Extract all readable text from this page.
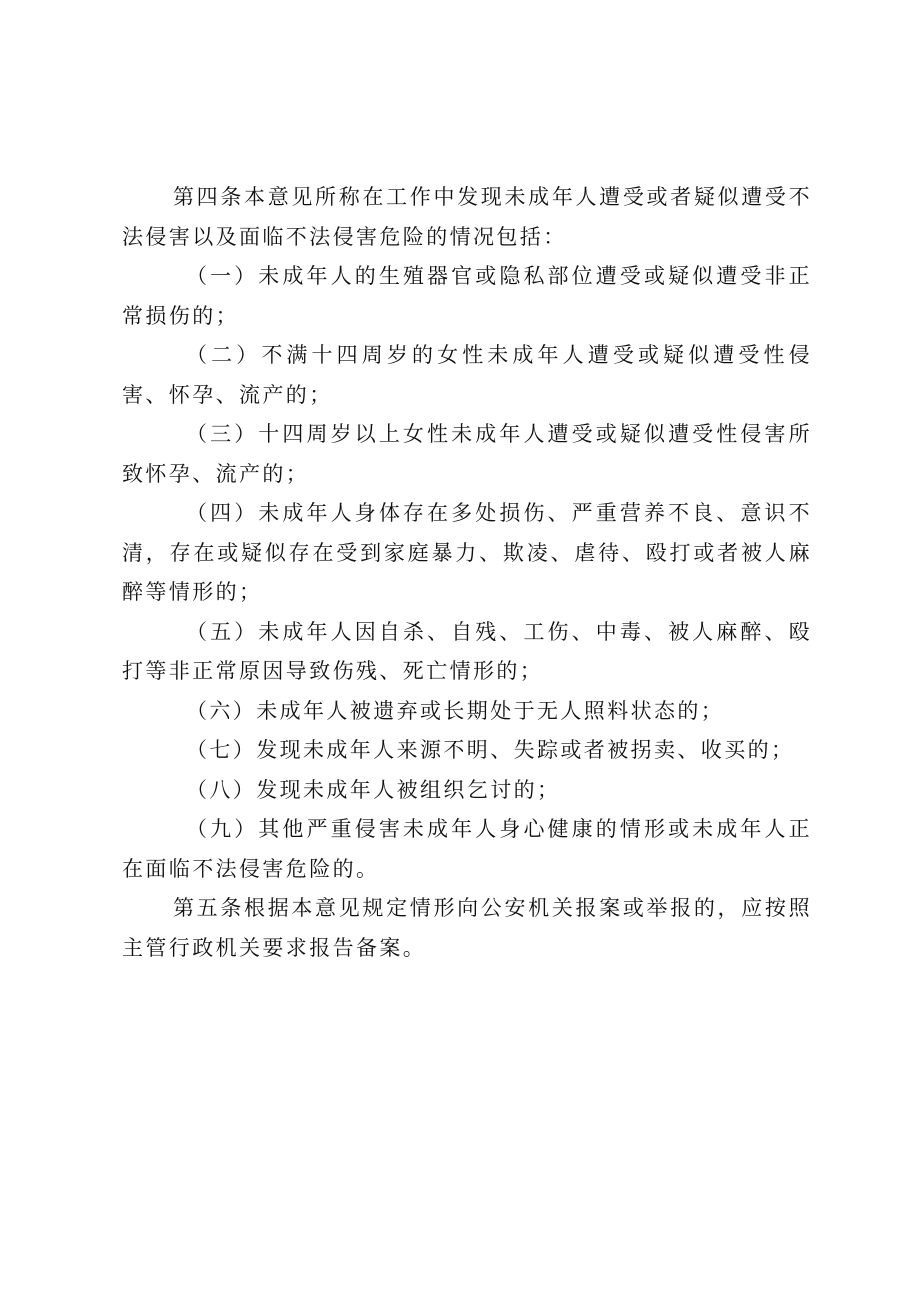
第四条本意见所称在工作中发现未成年人遭受或者疑似遭受不法侵害以及面临不法侵害危险的情况包括：

（一）未成年人的生殖器官或隐私部位遭受或疑似遭受非正常损伤的；

（二）不满十四周岁的女性未成年人遭受或疑似遭受性侵害、怀孕、流产的；

（三）十四周岁以上女性未成年人遭受或疑似遭受性侵害所致怀孕、流产的；

（四）未成年人身体存在多处损伤、严重营养不良、意识不清，存在或疑似存在受到家庭暴力、欺凌、虐待、殴打或者被人麻醉等情形的；

（五）未成年人因自杀、自残、工伤、中毒、被人麻醉、殴打等非正常原因导致伤残、死亡情形的；

（六）未成年人被遗弃或长期处于无人照料状态的；

（七）发现未成年人来源不明、失踪或者被拐卖、收买的；

（八）发现未成年人被组织乞讨的；

（九）其他严重侵害未成年人身心健康的情形或未成年人正在面临不法侵害危险的。

第五条根据本意见规定情形向公安机关报案或举报的，应按照主管行政机关要求报告备案。
